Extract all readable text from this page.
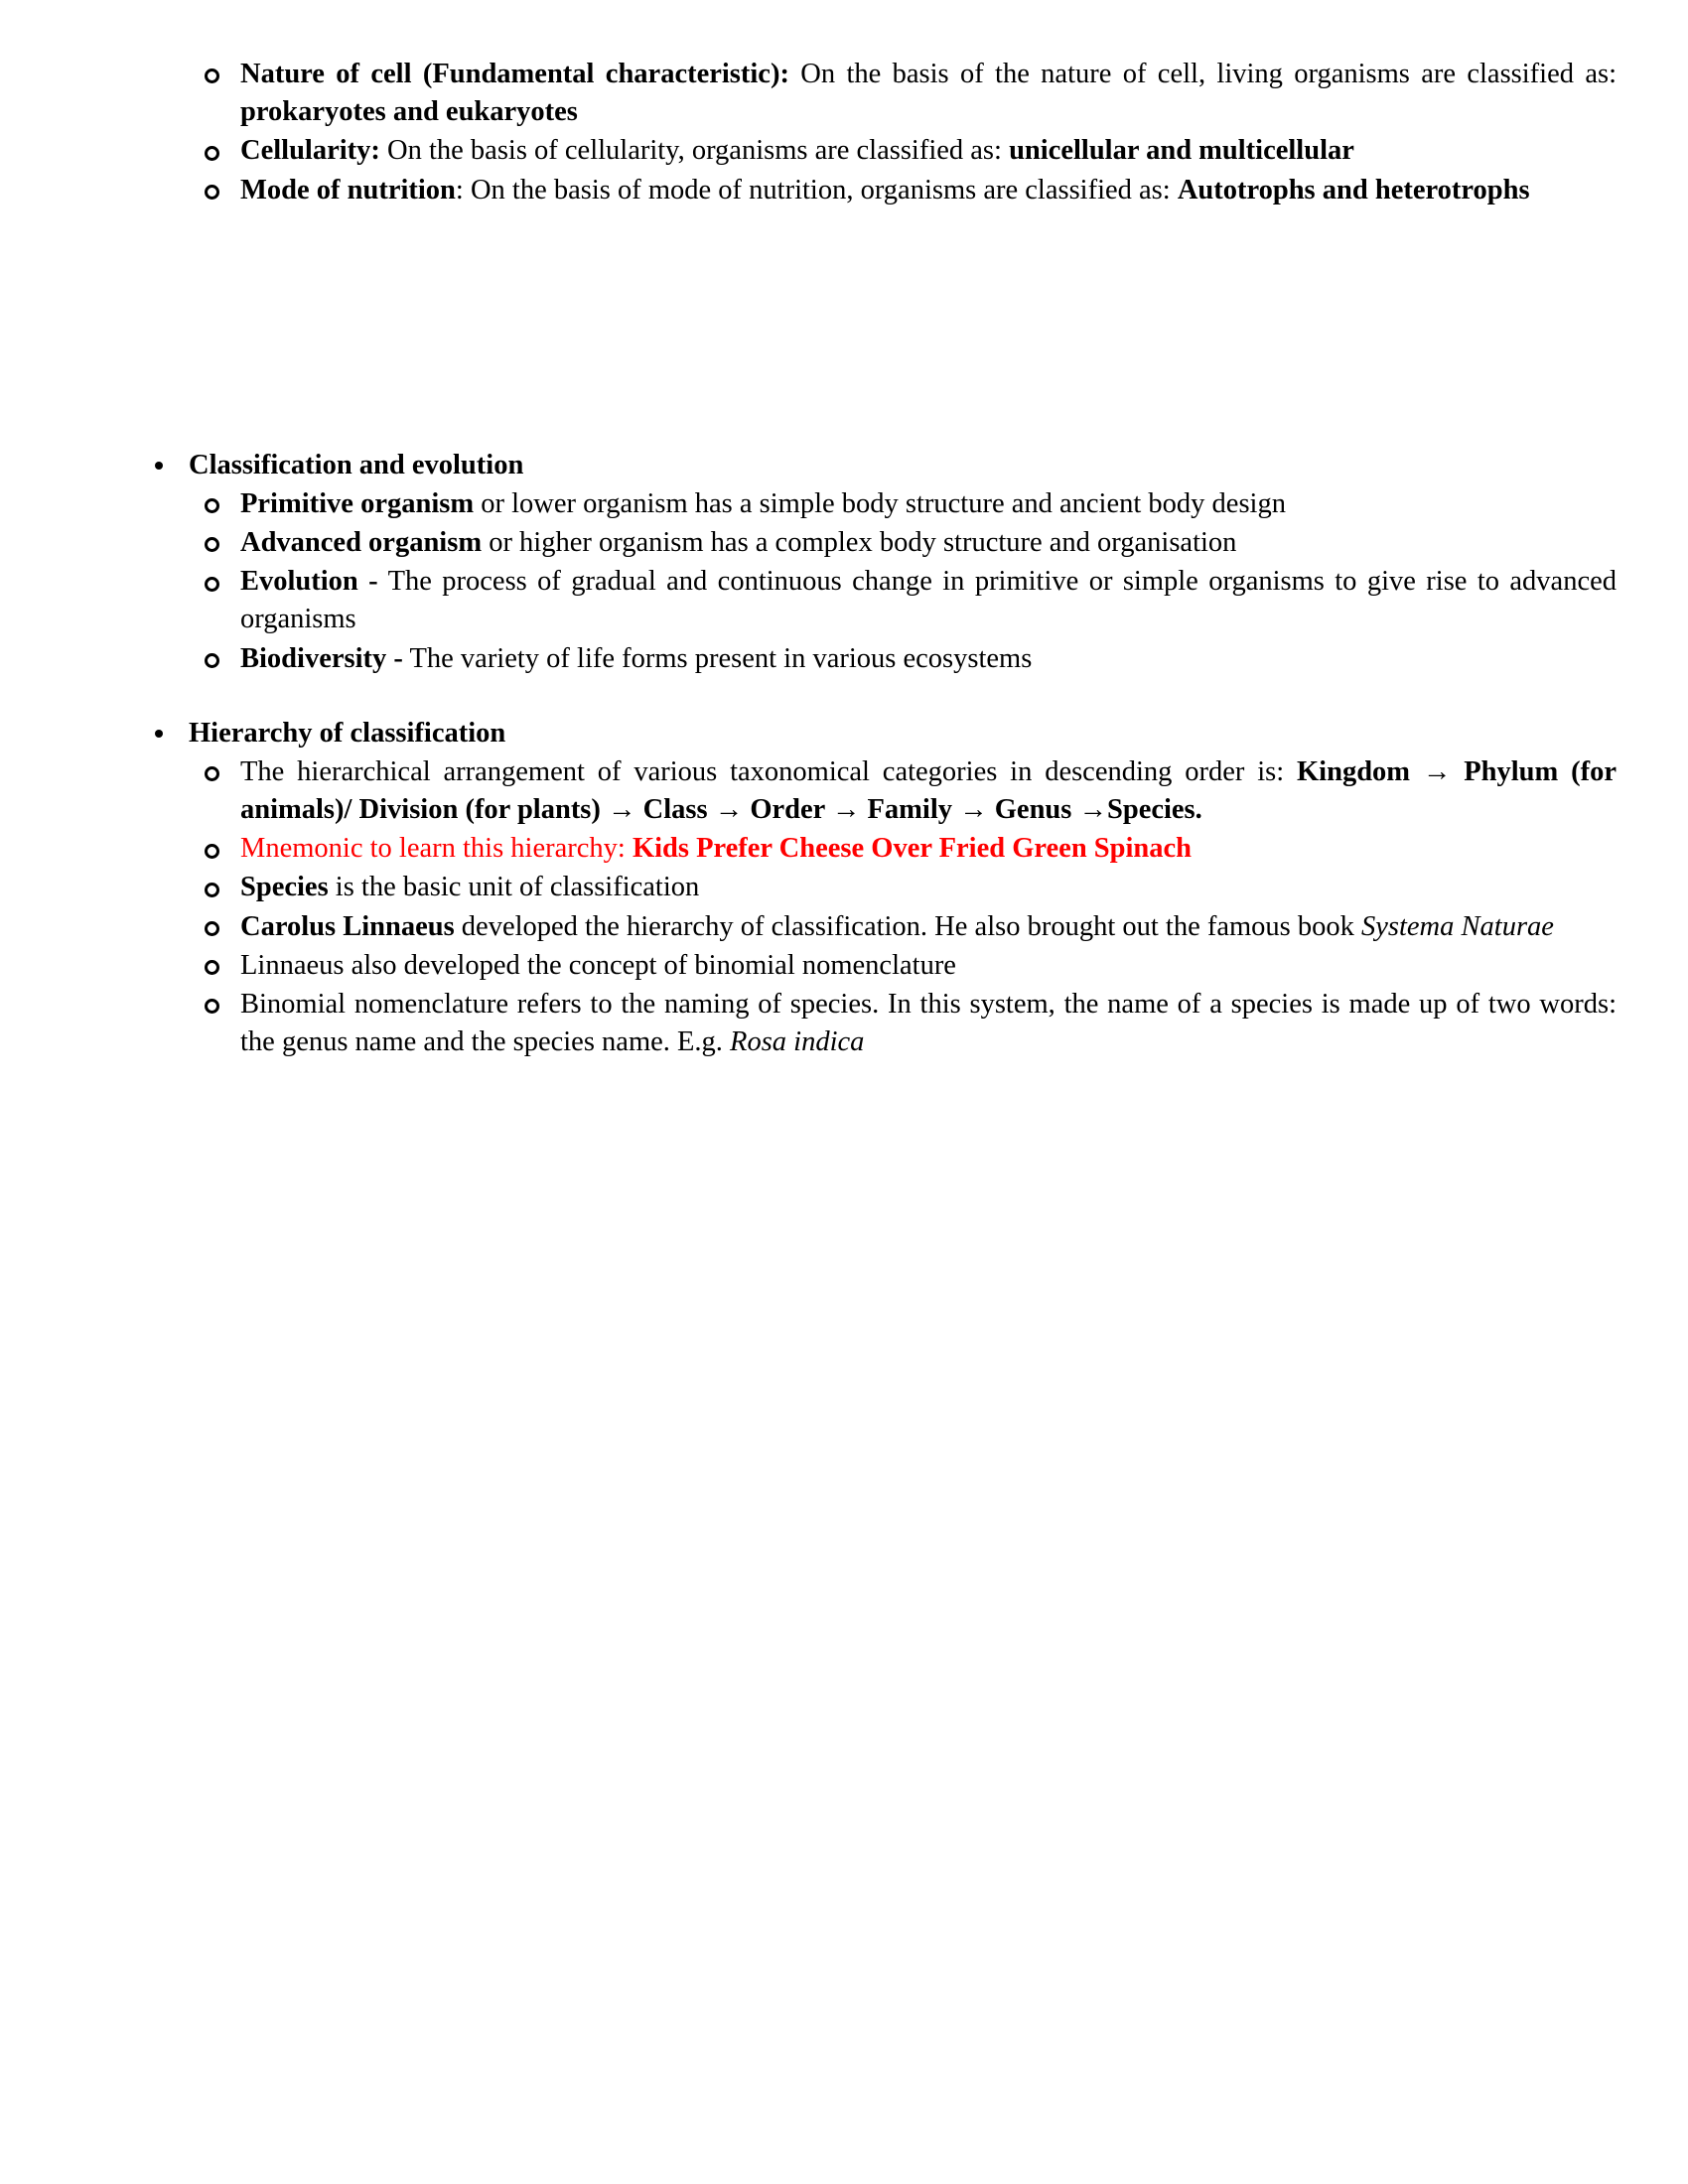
Nature of cell (Fundamental characteristic): On the basis of the nature of cell, living organisms are classified as: prokaryotes and eukaryotes
Cellularity: On the basis of cellularity, organisms are classified as: unicellular and multicellular
Mode of nutrition: On the basis of mode of nutrition, organisms are classified as: Autotrophs and heterotrophs
Classification and evolution
Primitive organism or lower organism has a simple body structure and ancient body design
Advanced organism or higher organism has a complex body structure and organisation
Evolution - The process of gradual and continuous change in primitive or simple organisms to give rise to advanced organisms
Biodiversity - The variety of life forms present in various ecosystems
Hierarchy of classification
The hierarchical arrangement of various taxonomical categories in descending order is: Kingdom → Phylum (for animals)/ Division (for plants) → Class → Order → Family → Genus →Species.
Mnemonic to learn this hierarchy: Kids Prefer Cheese Over Fried Green Spinach
Species is the basic unit of classification
Carolus Linnaeus developed the hierarchy of classification. He also brought out the famous book Systema Naturae
Linnaeus also developed the concept of binomial nomenclature
Binomial nomenclature refers to the naming of species. In this system, the name of a species is made up of two words: the genus name and the species name. E.g. Rosa indica
